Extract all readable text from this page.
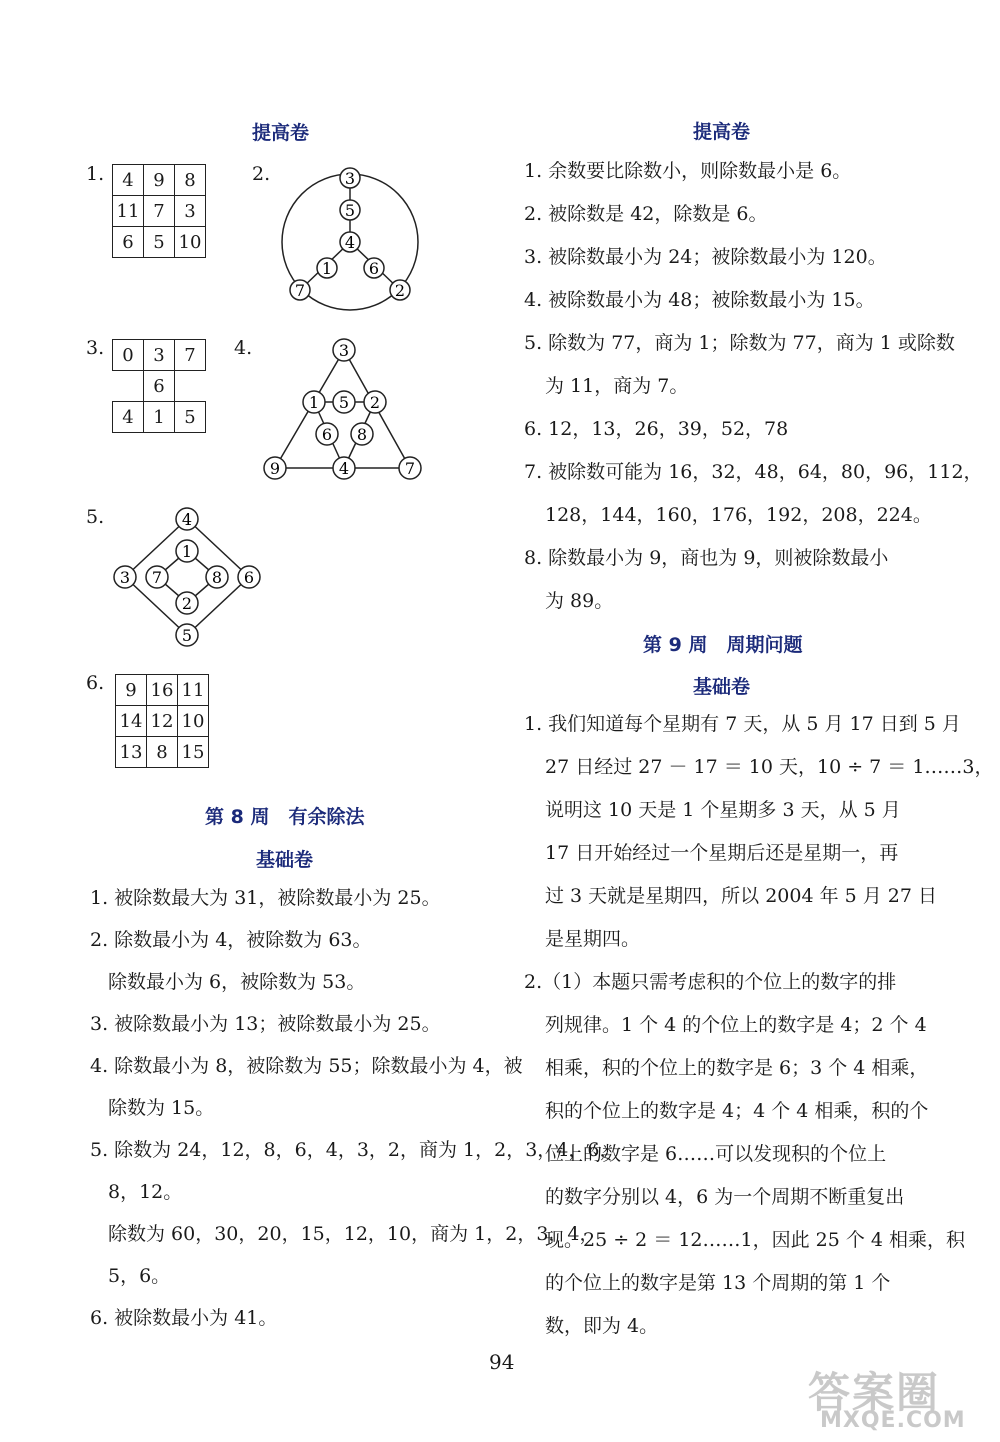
提高卷
1. 4	9	8
11	7	3
6	5	10
2.	3
5
4
1 6
7	2
3. 0	3	7
	6	
4	1	5
4.	3
1 5 2
6 8
9	4	7
5.	4
1
3 7	8 6
2
5
6. 9	16	11
14	12	10
13	8	15
第 8 周　有余除法
基础卷
1. 被除数最大为 31，被除数最小为 25。
2. 除数最小为 4，被除数为 63。
除数最小为 6，被除数为 53。
3. 被除数最小为 13；被除数最小为 25。
4. 除数最小为 8，被除数为 55；除数最小为 4，被
除数为 15。
5. 除数为 24，12，8，6，4，3，2，商为 1，2，3，4，6，
8，12。
除数为 60，30，20，15，12，10，商为 1，2，3，4，
5，6。
6. 被除数最小为 41。
提高卷
1. 余数要比除数小，则除数最小是 6。
2. 被除数是 42，除数是 6。
3. 被除数最小为 24；被除数最小为 120。
4. 被除数最小为 48；被除数最小为 15。
5. 除数为 77，商为 1；除数为 77，商为 1 或除数
为 11，商为 7。
6. 12，13，26，39，52，78
7. 被除数可能为 16，32，48，64，80，96，112，
128，144，160，176，192，208，224。
8. 除数最小为 9，商也为 9，则被除数最小
为 89。
第 9 周　周期问题
基础卷
1. 我们知道每个星期有 7 天，从 5 月 17 日到 5 月
27 日经过 27 － 17 ＝ 10 天，10 ÷ 7 ＝ 1……3，
说明这 10 天是 1 个星期多 3 天，从 5 月
17 日开始经过一个星期后还是星期一，再
过 3 天就是星期四，所以 2004 年 5 月 27 日
是星期四。
2.（1）本题只需考虑积的个位上的数字的排
列规律。1 个 4 的个位上的数字是 4；2 个 4
相乘，积的个位上的数字是 6；3 个 4 相乘，
积的个位上的数字是 4；4 个 4 相乘，积的个
位上的数字是 6……可以发现积的个位上
的数字分别以 4，6 为一个周期不断重复出
现。25 ÷ 2 ＝ 12……1，因此 25 个 4 相乘，积
的个位上的数字是第 13 个周期的第 1 个
数，即为 4。
94
答案圈
MXQE.COM
